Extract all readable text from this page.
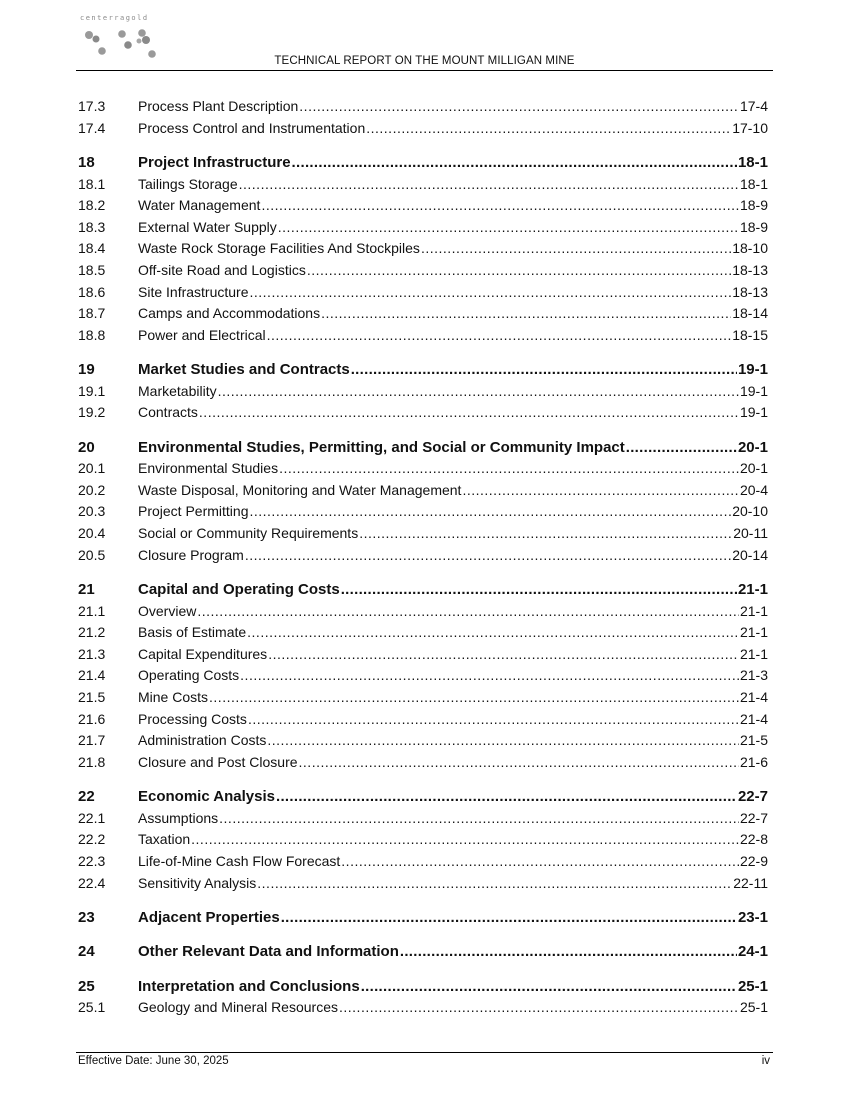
centerragold
TECHNICAL REPORT ON THE MOUNT MILLIGAN MINE
17.3	Process Plant Description .....	17-4
17.4	Process Control and Instrumentation .....	17-10
18	Project Infrastructure .....	18-1
18.1	Tailings Storage .....	18-1
18.2	Water Management .....	18-9
18.3	External Water Supply .....	18-9
18.4	Waste Rock Storage Facilities And Stockpiles .....	18-10
18.5	Off-site Road and Logistics .....	18-13
18.6	Site Infrastructure .....	18-13
18.7	Camps and Accommodations .....	18-14
18.8	Power and Electrical .....	18-15
19	Market Studies and Contracts .....	19-1
19.1	Marketability .....	19-1
19.2	Contracts .....	19-1
20	Environmental Studies, Permitting, and Social or Community Impact .....	20-1
20.1	Environmental Studies .....	20-1
20.2	Waste Disposal, Monitoring and Water Management .....	20-4
20.3	Project Permitting .....	20-10
20.4	Social or Community Requirements .....	20-11
20.5	Closure Program .....	20-14
21	Capital and Operating Costs .....	21-1
21.1	Overview .....	21-1
21.2	Basis of Estimate .....	21-1
21.3	Capital Expenditures .....	21-1
21.4	Operating Costs .....	21-3
21.5	Mine Costs .....	21-4
21.6	Processing Costs .....	21-4
21.7	Administration Costs .....	21-5
21.8	Closure and Post Closure .....	21-6
22	Economic Analysis .....	22-7
22.1	Assumptions .....	22-7
22.2	Taxation .....	22-8
22.3	Life-of-Mine Cash Flow Forecast .....	22-9
22.4	Sensitivity Analysis .....	22-11
23	Adjacent Properties .....	23-1
24	Other Relevant Data and Information .....	24-1
25	Interpretation and Conclusions .....	25-1
25.1	Geology and Mineral Resources .....	25-1
Effective Date: June 30, 2025	iv
